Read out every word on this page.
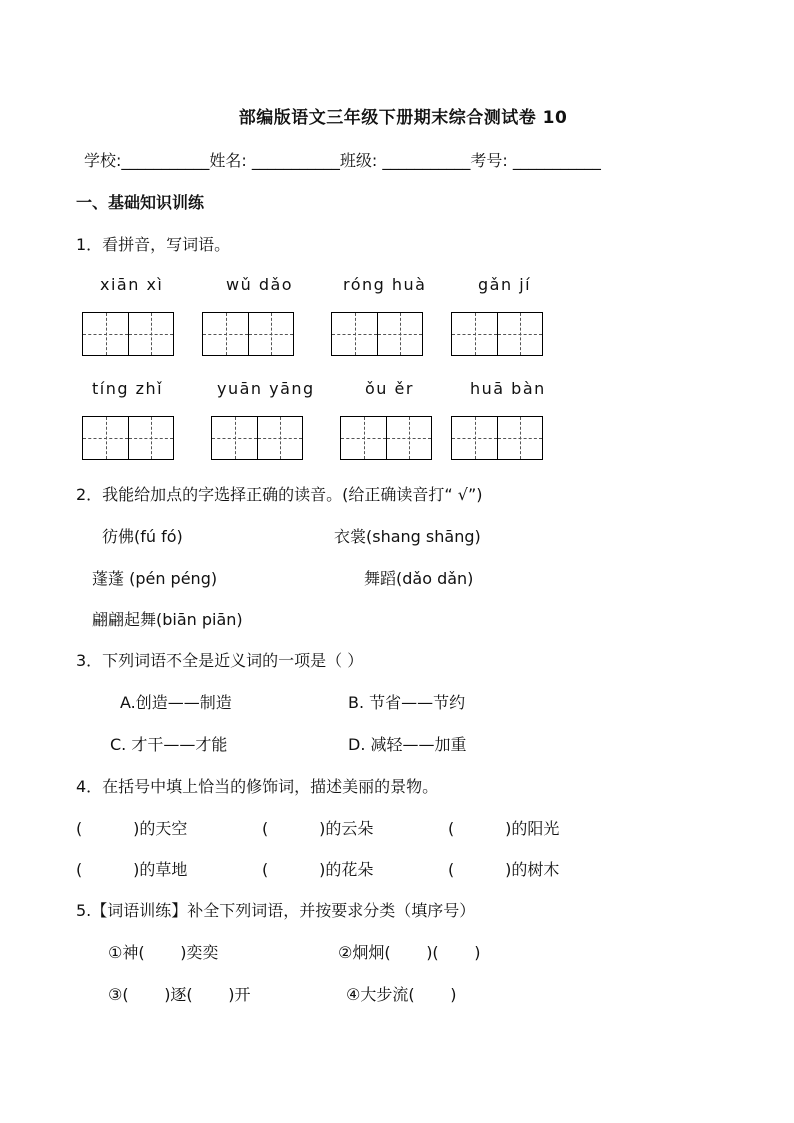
部编版语文三年级下册期末综合测试卷 10
学校:___________姓名: ___________班级: ___________考号: ___________
一、基础知识训练
1．看拼音，写词语。
xiān xì	wǔ dǎo	róng huà	gǎn jí
tíng zhǐ	yuān yāng	ǒu ěr	huā bàn
2．我能给加点的字选择正确的读音。(给正确读音打“ √”)
彷佛(fú fó)	衣裳(shang shāng)
蓬蓬 (pén péng)	舞蹈(dǎo dǎn)
翩翩起舞(biān piān)
3．下列词语不全是近义词的一项是（ ）
A.创造——制造	B. 节省——节约
C. 才干——才能	D. 减轻——加重
4．在括号中填上恰当的修饰词，描述美丽的景物。
(          )的天空	(          )的云朵	(          )的阳光
(          )的草地	(          )的花朵	(          )的树木
5.【词语训练】补全下列词语，并按要求分类（填序号）
①神(       )奕奕	②炯炯(       )(       )
③(       )逐(       )开	④大步流(       )
